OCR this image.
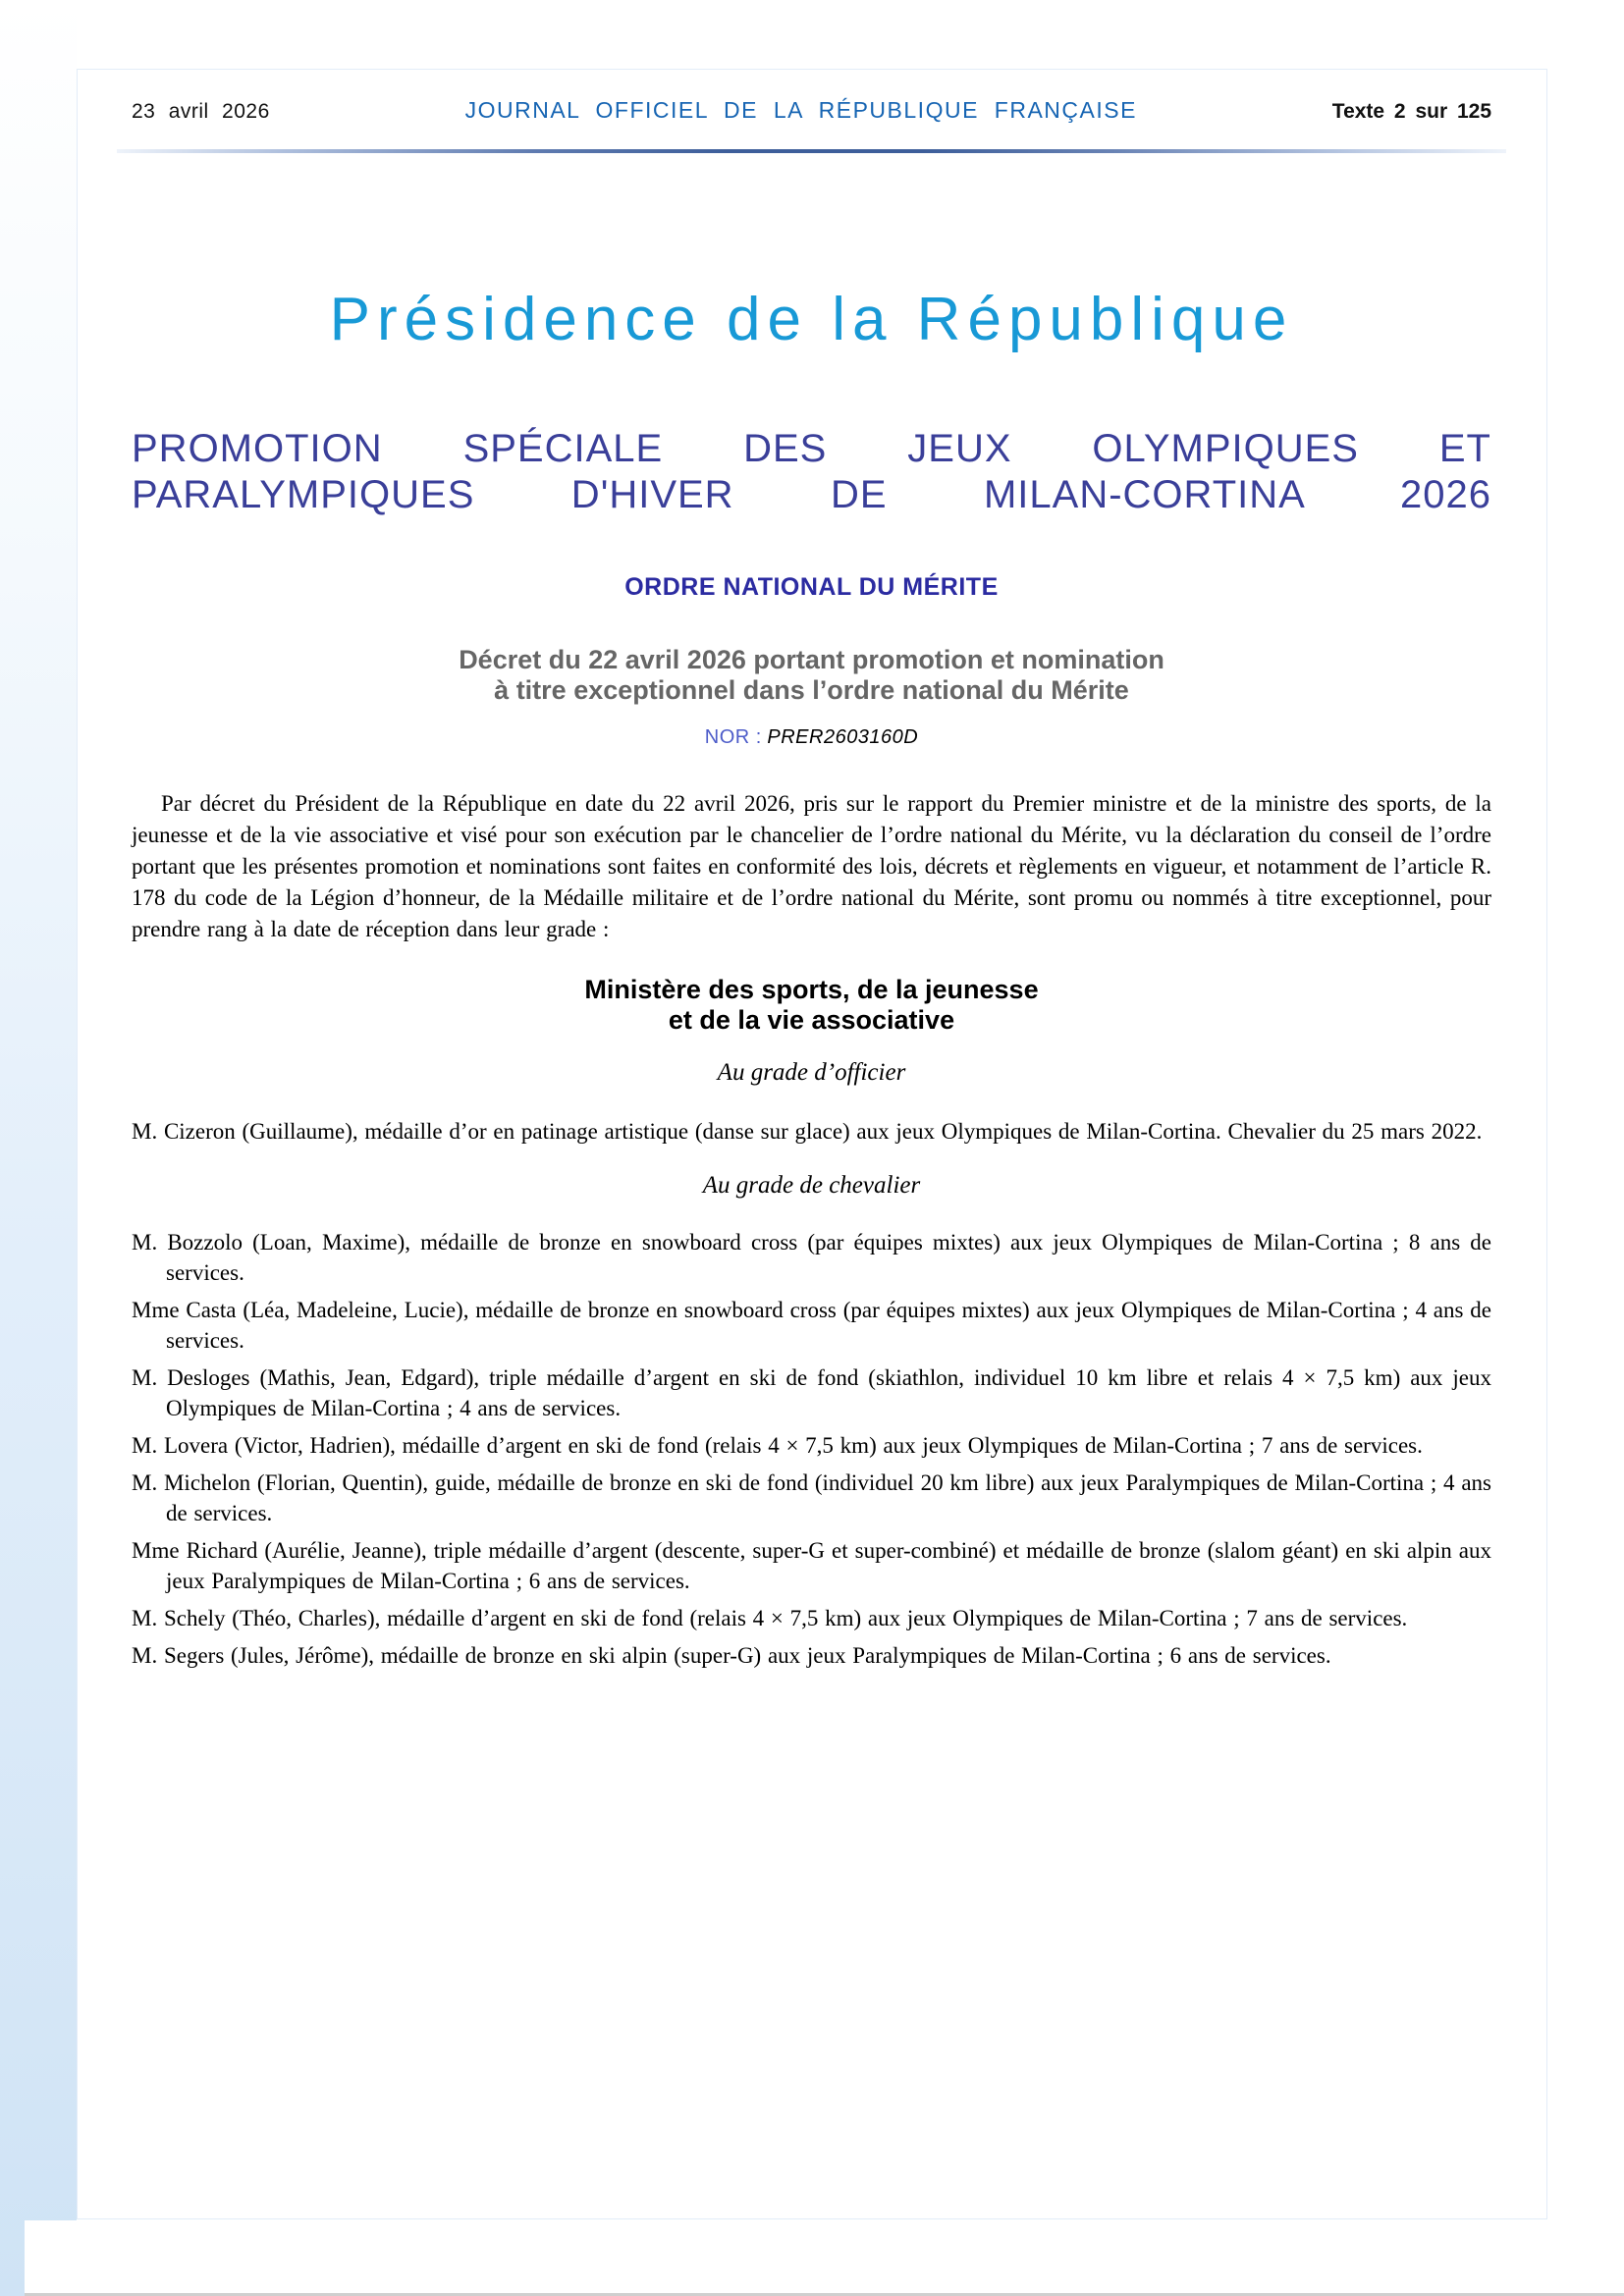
23 avril 2026	JOURNAL OFFICIEL DE LA RÉPUBLIQUE FRANÇAISE	Texte 2 sur 125
Présidence de la République
PROMOTION SPÉCIALE DES JEUX OLYMPIQUES ET
PARALYMPIQUES D'HIVER DE MILAN-CORTINA 2026
ORDRE NATIONAL DU MÉRITE
Décret du 22 avril 2026 portant promotion et nomination
à titre exceptionnel dans l’ordre national du Mérite
NOR : PRER2603160D

Par décret du Président de la République en date du 22 avril 2026, pris sur le rapport du Premier ministre et de la ministre des sports, de la jeunesse et de la vie associative et visé pour son exécution par le chancelier de l’ordre national du Mérite, vu la déclaration du conseil de l’ordre portant que les présentes promotion et nominations sont faites en conformité des lois, décrets et règlements en vigueur, et notamment de l’article R. 178 du code de la Légion d’honneur, de la Médaille militaire et de l’ordre national du Mérite, sont promu ou nommés à titre exceptionnel, pour prendre rang à la date de réception dans leur grade :

Ministère des sports, de la jeunesse
et de la vie associative
Au grade d’officier

M. Cizeron (Guillaume), médaille d’or en patinage artistique (danse sur glace) aux jeux Olympiques de Milan-Cortina. Chevalier du 25 mars 2022.

Au grade de chevalier

M. Bozzolo (Loan, Maxime), médaille de bronze en snowboard cross (par équipes mixtes) aux jeux Olympiques de Milan-Cortina ; 8 ans de services.

Mme Casta (Léa, Madeleine, Lucie), médaille de bronze en snowboard cross (par équipes mixtes) aux jeux Olympiques de Milan-Cortina ; 4 ans de services.

M. Desloges (Mathis, Jean, Edgard), triple médaille d’argent en ski de fond (skiathlon, individuel 10 km libre et relais 4 × 7,5 km) aux jeux Olympiques de Milan-Cortina ; 4 ans de services.

M. Lovera (Victor, Hadrien), médaille d’argent en ski de fond (relais 4 × 7,5 km) aux jeux Olympiques de Milan-Cortina ; 7 ans de services.

M. Michelon (Florian, Quentin), guide, médaille de bronze en ski de fond (individuel 20 km libre) aux jeux Paralympiques de Milan-Cortina ; 4 ans de services.

Mme Richard (Aurélie, Jeanne), triple médaille d’argent (descente, super-G et super-combiné) et médaille de bronze (slalom géant) en ski alpin aux jeux Paralympiques de Milan-Cortina ; 6 ans de services.

M. Schely (Théo, Charles), médaille d’argent en ski de fond (relais 4 × 7,5 km) aux jeux Olympiques de Milan-Cortina ; 7 ans de services.

M. Segers (Jules, Jérôme), médaille de bronze en ski alpin (super-G) aux jeux Paralympiques de Milan-Cortina ; 6 ans de services.
